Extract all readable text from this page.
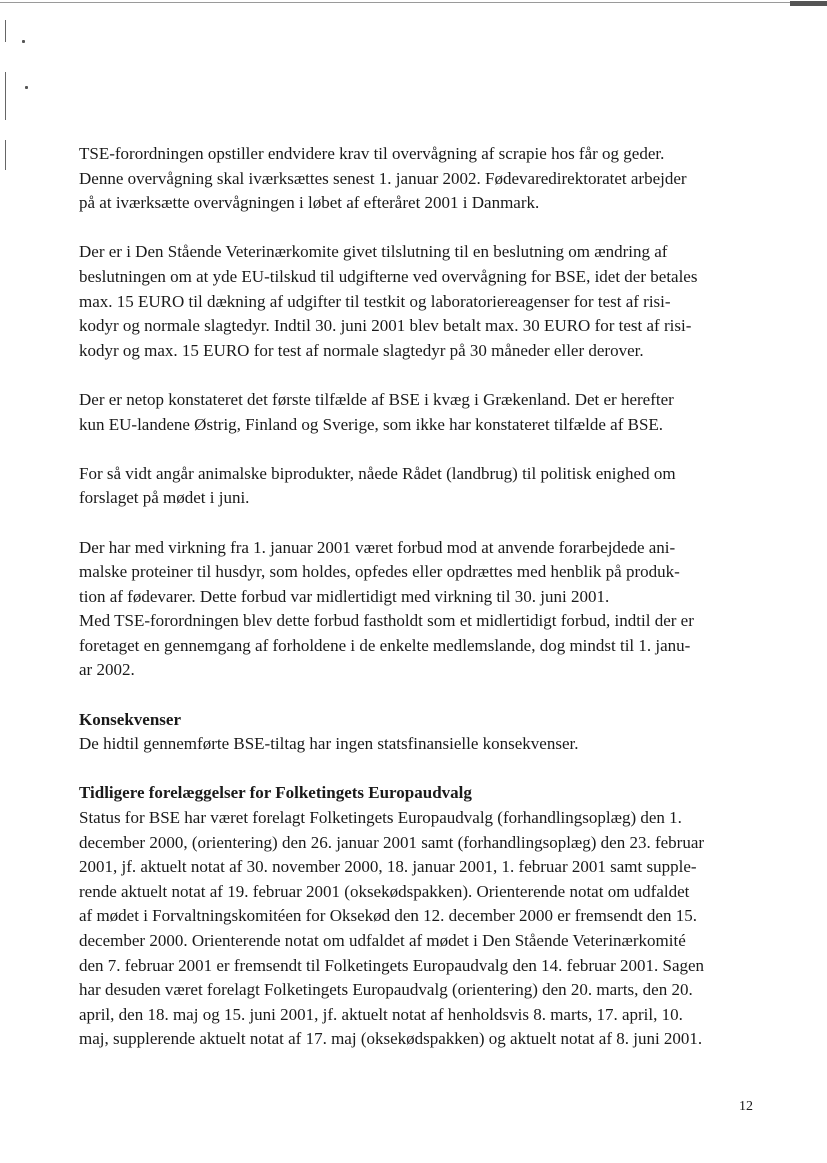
TSE-forordningen opstiller endvidere krav til overvågning af scrapie hos får og geder.
Denne overvågning skal iværksættes senest 1. januar 2002. Fødevaredirektoratet arbejder
på at iværksætte overvågningen i løbet af efteråret 2001 i Danmark.

Der er i Den Stående Veterinærkomite givet tilslutning til en beslutning om ændring af
beslutningen om at yde EU-tilskud til udgifterne ved overvågning for BSE, idet der betales
max. 15 EURO til dækning af udgifter til testkit og laboratoriereagenser for test af risi-
kodyr og normale slagtedyr. Indtil 30. juni 2001 blev betalt max. 30 EURO for test af risi-
kodyr og max. 15 EURO for test af normale slagtedyr på 30 måneder eller derover.

Der er netop konstateret det første tilfælde af BSE i kvæg i Grækenland. Det er herefter
kun EU-landene Østrig, Finland og Sverige, som ikke har konstateret tilfælde af BSE.

For så vidt angår animalske biprodukter, nåede Rådet (landbrug) til politisk enighed om
forslaget på mødet i juni.

Der har med virkning fra 1. januar 2001 været forbud mod at anvende forarbejdede ani-
malske proteiner til husdyr, som holdes, opfedes eller opdrættes med henblik på produk-
tion af fødevarer. Dette forbud var midlertidigt med virkning til 30. juni 2001.
Med TSE-forordningen blev dette forbud fastholdt som et midlertidigt forbud, indtil der er
foretaget en gennemgang af forholdene i de enkelte medlemslande, dog mindst til 1. janu-
ar 2002.

Konsekvenser
De hidtil gennemførte BSE-tiltag har ingen statsfinansielle konsekvenser.

Tidligere forelæggelser for Folketingets Europaudvalg
Status for BSE har været forelagt Folketingets Europaudvalg (forhandlingsoplæg) den 1.
december 2000, (orientering) den 26. januar 2001 samt (forhandlingsoplæg) den 23. februar
2001, jf. aktuelt notat af 30. november 2000, 18. januar 2001, 1. februar 2001 samt supple-
rende aktuelt notat af 19. februar 2001 (oksekødspakken). Orienterende notat om udfaldet
af mødet i Forvaltningskomitéen for Oksekød den 12. december 2000 er fremsendt den 15.
december 2000. Orienterende notat om udfaldet af mødet i Den Stående Veterinærkomité
den 7. februar 2001 er fremsendt til Folketingets Europaudvalg den 14. februar 2001. Sagen
har desuden været forelagt Folketingets Europaudvalg (orientering) den 20. marts, den 20.
april, den 18. maj og 15. juni 2001, jf. aktuelt notat af henholdsvis 8. marts, 17. april, 10.
maj, supplerende aktuelt notat af 17. maj (oksekødspakken) og aktuelt notat af 8. juni 2001.

12
